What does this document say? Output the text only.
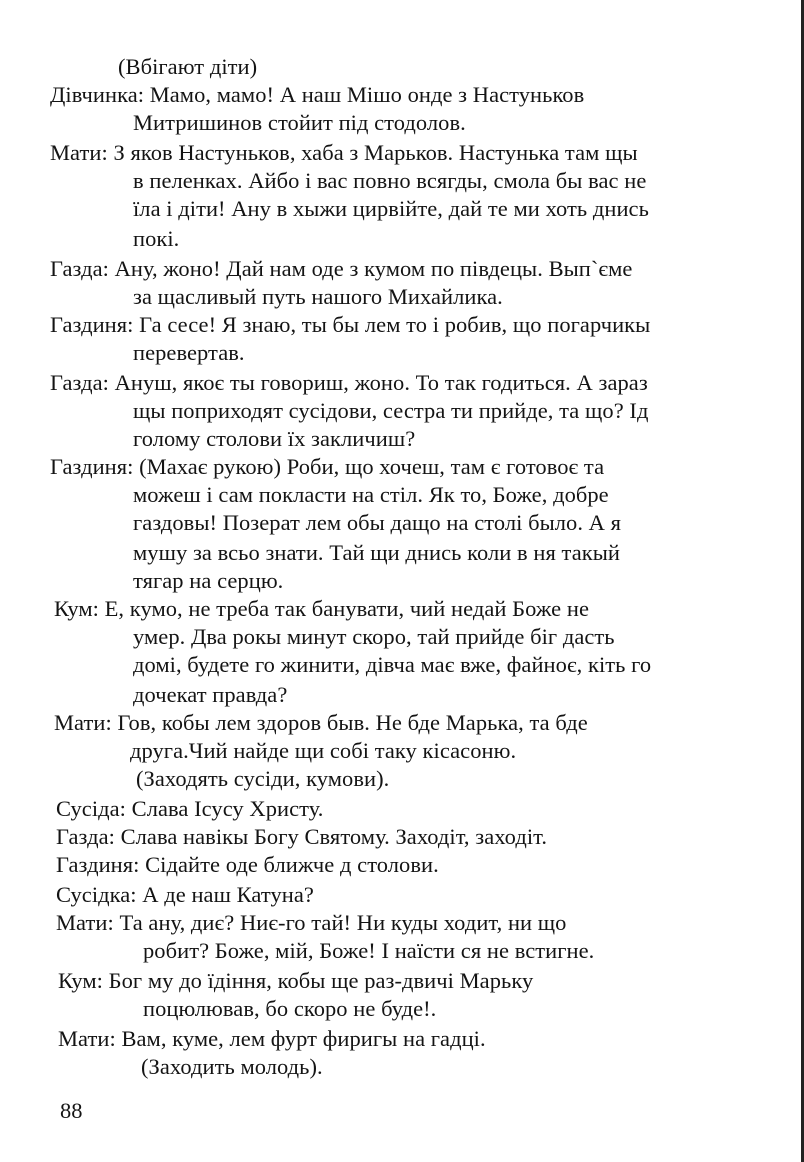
(Вбігают діти)
Дівчинка: Мамо, мамо! А наш Мішо онде з Настуньков
Митришинов стойит під стодолов.
Мати: З яков Настуньков, хаба з Марьков. Настунька там щы
в пеленках. Айбо і вас повно всягды, смола бы вас не
їла і діти! Ану в хыжи цирвійте, дай те ми хоть днись
покі.
Газда: Ану, жоно! Дай нам оде з кумом по півдецы. Вып`єме
за щасливый путь нашого Михайлика.
Газдиня: Га сесе! Я знаю, ты бы лем то і робив, що погарчикы
перевертав.
Газда: Ануш, якоє ты говориш, жоно. То так годиться. А зараз
щы поприходят сусідови, сестра ти прийде, та що? Ід
голому столови їх закличиш?
Газдиня: (Махає рукою) Роби, що хочеш, там є готовоє та
можеш і сам покласти на стіл. Як то, Боже, добре
газдовы! Позерат лем обы дащо на столі было. А я
мушу за всьо знати. Тай щи днись коли в ня такый
тягар на серцю.
Кум: Е, кумо, не треба так банувати, чий недай Боже не
умер. Два рокы минут скоро, тай прийде біг дасть
домі, будете го жинити, дівча має вже, файноє, кіть го
дочекат правда?
Мати: Гов, кобы лем здоров быв. Не бде Марька, та бде
друга.Чий найде щи собі таку кісасоню.
(Заходять сусіди, кумови).
Сусіда: Слава Ісусу Христу.
Газда: Слава навікы Богу Святому. Заходіт, заходіт.
Газдиня: Сідайте оде ближче д столови.
Сусідка: А де наш Катуна?
Мати: Та ану, диє? Ниє-го тай! Ни куды ходит, ни що
робит? Боже, мій, Боже! І наїсти ся не встигне.
Кум: Бог му до їдіння, кобы ще раз-двичі Марьку
поцюлював, бо скоро не буде!.
Мати: Вам, куме, лем фурт фиригы на гадці.
(Заходить молодь).
88
